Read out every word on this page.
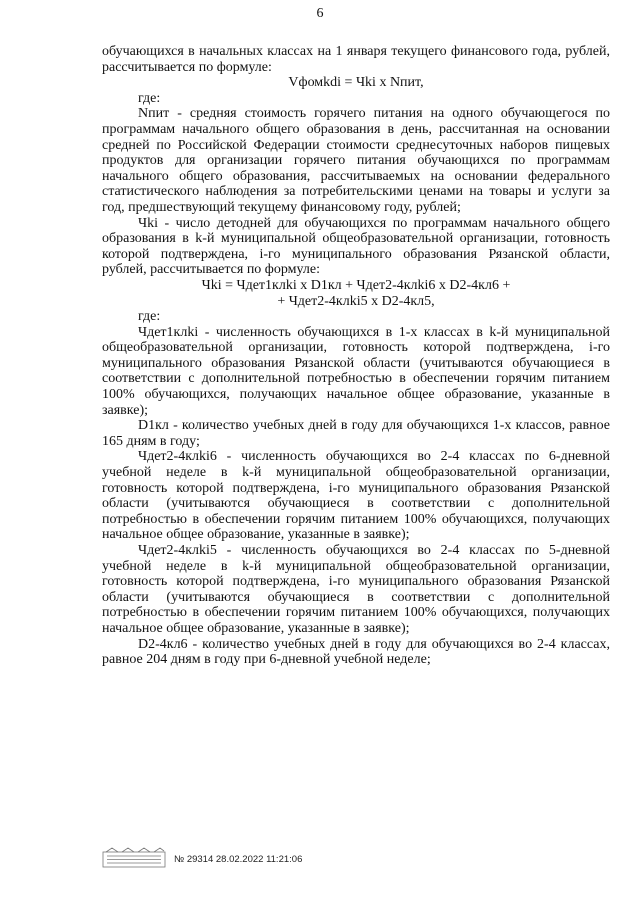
6

обучающихся в начальных классах на 1 января текущего финансового года, рублей, рассчитывается по формуле:

Vфомkdi = Чki х Nпит,

где:

Nпит - средняя стоимость горячего питания на одного обучающегося по программам начального общего образования в день, рассчитанная на основании средней по Российской Федерации стоимости среднесуточных наборов пищевых продуктов для организации горячего питания обучающихся по программам начального общего образования, рассчитываемых на основании федерального статистического наблюдения за потребительскими ценами на товары и услуги за год, предшествующий текущему финансовому году, рублей;

Чki - число детодней для обучающихся по программам начального общего образования в k-й муниципальной общеобразовательной организации, готовность которой подтверждена, i-го муниципального образования Рязанской области, рублей, рассчитывается по формуле:

Чki = Чдет1клki х D1кл + Чдет2-4клki6 х D2-4кл6 +

+ Чдет2-4клki5 х D2-4кл5,

где:

Чдет1клki - численность обучающихся в 1-х классах в k-й муниципальной общеобразовательной организации, готовность которой подтверждена, i-го муниципального образования Рязанской области (учитываются обучающиеся в соответствии с дополнительной потребностью в обеспечении горячим питанием 100% обучающихся, получающих начальное общее образование, указанные в заявке);

D1кл - количество учебных дней в году для обучающихся 1-х классов, равное 165 дням в году;

Чдет2-4клki6 - численность обучающихся во 2-4 классах по 6-дневной учебной неделе в k-й муниципальной общеобразовательной организации, готовность которой подтверждена, i-го муниципального образования Рязанской области (учитываются обучающиеся в соответствии с дополнительной потребностью в обеспечении горячим питанием 100% обучающихся, получающих начальное общее образование, указанные в заявке);

Чдет2-4клki5 - численность обучающихся во 2-4 классах по 5-дневной учебной неделе в k-й муниципальной общеобразовательной организации, готовность которой подтверждена, i-го муниципального образования Рязанской области (учитываются обучающиеся в соответствии с дополнительной потребностью в обеспечении горячим питанием 100% обучающихся, получающих начальное общее образование, указанные в заявке);

D2-4кл6 - количество учебных дней в году для обучающихся во 2-4 классах, равное 204 дням в году при 6-дневной учебной неделе;

№ 29314 28.02.2022 11:21:06
